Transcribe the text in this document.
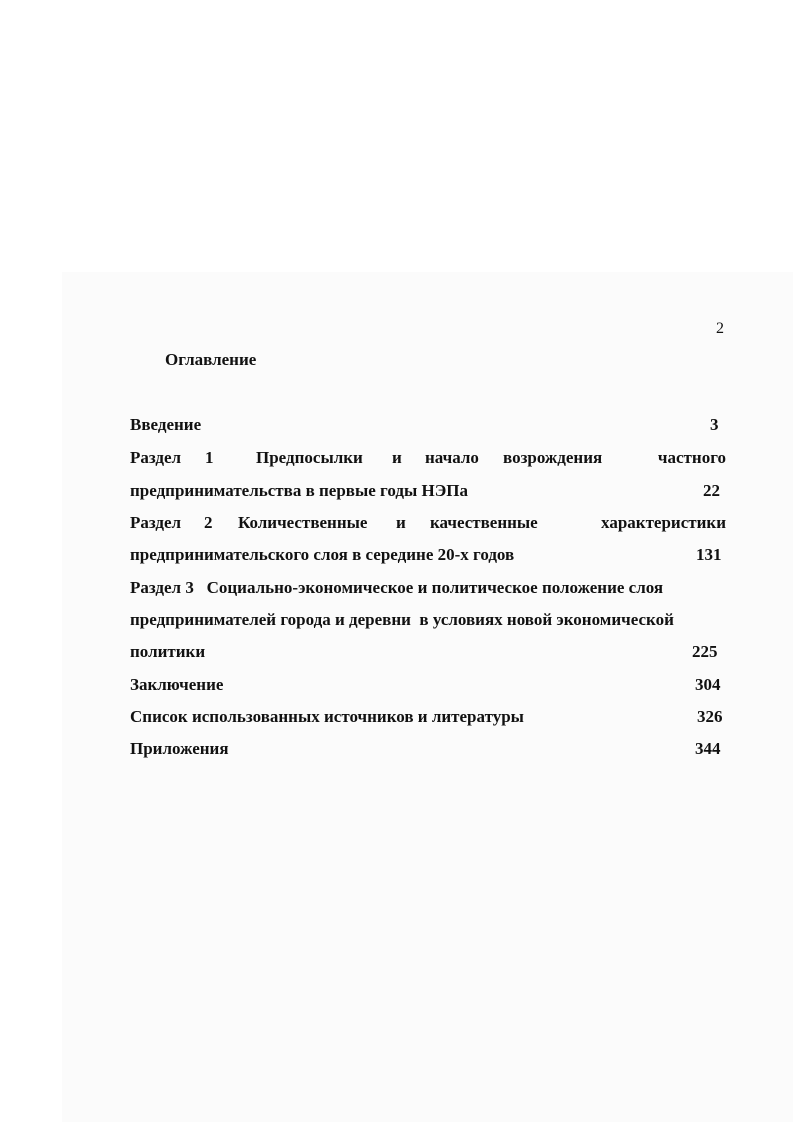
2
Оглавление
Введение	3
Раздел 1	Предпосылки и начало возрождения	частного
предпринимательства в первые годы НЭПа	22
Раздел 2 Количественные и качественные	характеристики
предпринимательского слоя в середине 20-х годов	131
Раздел 3   Социально-экономическое и политическое положение слоя
предпринимателей города и деревни  в условиях новой экономической
политики	225
Заключение	304
Список использованных источников и литературы	326
Приложения	344
